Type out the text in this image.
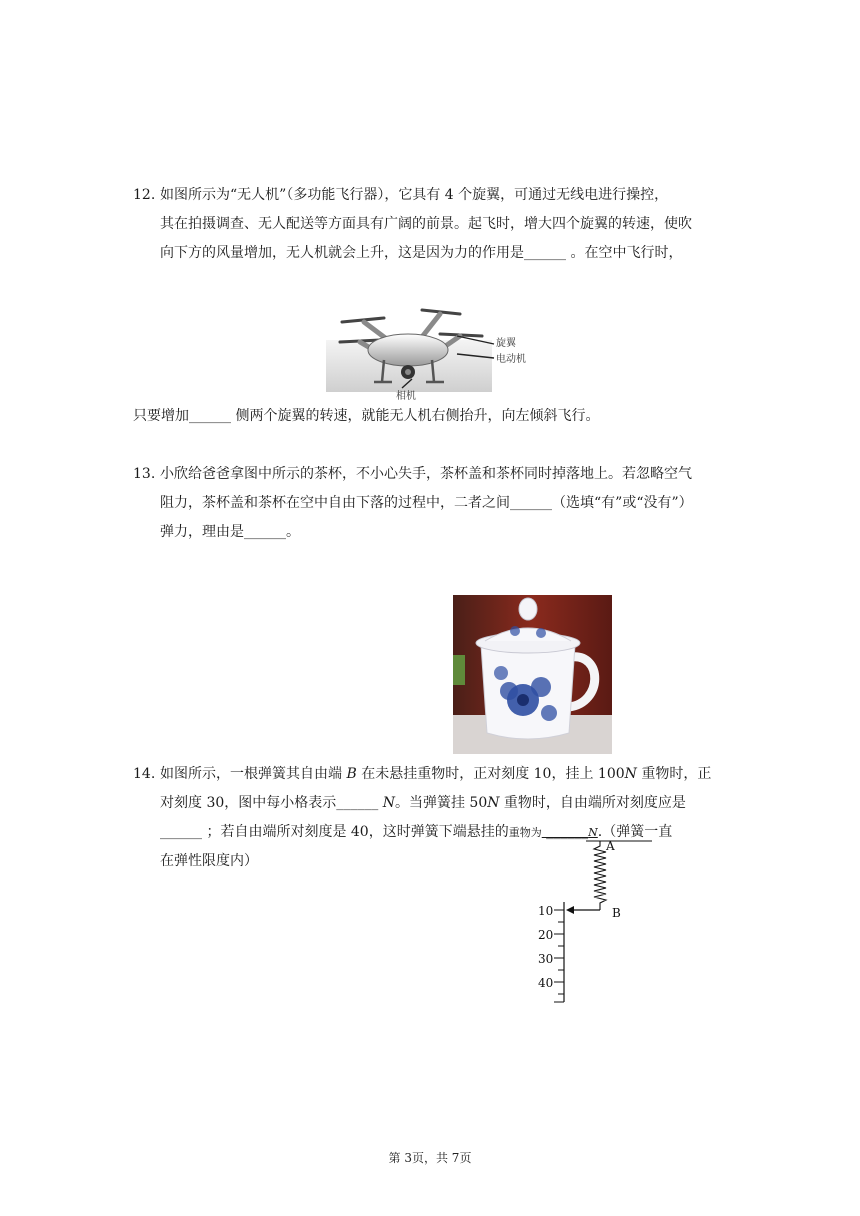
12. 如图所示为“无人机”（多功能飞行器），它具有 4 个旋翼，可通过无线电进行操控，
其在拍摄调查、无人配送等方面具有广阔的前景。起飞时，增大四个旋翼的转速，使吹
向下方的风量增加，无人机就会上升，这是因为力的作用是______ 。在空中飞行时，
旋翼
电动机
相机
只要增加______ 侧两个旋翼的转速，就能无人机右侧抬升，向左倾斜飞行。
13. 小欣给爸爸拿图中所示的茶杯，不小心失手，茶杯盖和茶杯同时掉落地上。若忽略空气
阻力，茶杯盖和茶杯在空中自由下落的过程中，二者之间______（选填“有”或“没有”）
弹力，理由是______。
14. 如图所示，一根弹簧其自由端 B 在未悬挂重物时，正对刻度 10，挂上 100N 重物时，正
对刻度 30，图中每小格表示______ N。当弹簧挂 50N 重物时，自由端所对刻度应是
______ ；若自由端所对刻度是 40，这时弹簧下端悬挂的重物为 ______N.（弹簧一直
在弹性限度内）
A
B
10
20
30
40
第 3页，共 7页
